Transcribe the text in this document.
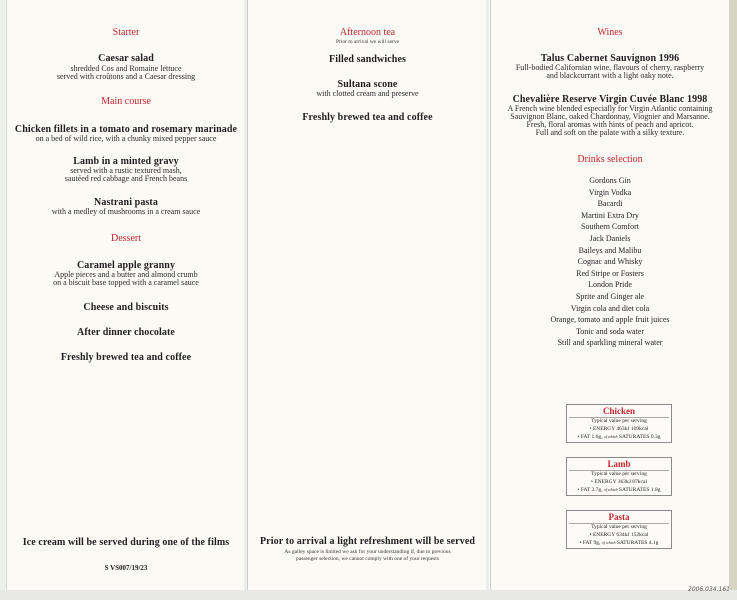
Starter
Caesar salad
shredded Cos and Romaine lettuce
served with croûtons and a Caesar dressing
Main course
Chicken fillets in a tomato and rosemary marinade
on a bed of wild rice, with a chunky mixed pepper sauce
Lamb in a minted gravy
served with a rustic textured mash,
sautéed red cabbage and French beans
Nastrani pasta
with a medley of mushrooms in a cream sauce
Dessert
Caramel apple granny
Apple pieces and a butter and almond crumb
on a biscuit base topped with a caramel sauce
Cheese and biscuits
After dinner chocolate
Freshly brewed tea and coffee
Ice cream will be served during one of the films
S VS007/19/23
Afternoon tea
Prior to arrival we will serve
Filled sandwiches
Sultana scone
with clotted cream and preserve
Freshly brewed tea and coffee
Prior to arrival a light refreshment will be served
As galley space is limited we ask for your understanding if, due to previous
passenger selection, we cannot comply with one of your requests
Wines
Talus Cabernet Sauvignon 1996
Full-bodied Californian wine, flavours of cherry, raspberry
and blackcurrant with a light oaky note.
Chevalière Reserve Virgin Cuvée Blanc 1998
A French wine blended especially for Virgin Atlantic containing
Sauvignon Blanc, oaked Chardonnay, Viognier and Marsanne.
Fresh, floral aromas with hints of peach and apricot.
Full and soft on the palate with a silky texture.
Drinks selection
Gordons Gin
Virgin Vodka
Bacardi
Martini Extra Dry
Southern Comfort
Jack Daniels
Baileys and Malibu
Cognac and Whisky
Red Stripe or Fosters
London Pride
Sprite and Ginger ale
Virgin cola and diet cola
Orange, tomato and apple fruit juices
Tonic and soda water
Still and sparkling mineral water
Chicken
Typical value per serving
• ENERGY 463kJ 109kcal
• FAT 1.6g, of which SATURATES 0.3g
Lamb
Typical value per serving
• ENERGY 363kJ 87kcal
• FAT 3.7g, of which SATURATES 1.8g
Pasta
Typical value per serving
• ENERGY 634kJ 152kcal
• FAT 9g, of which SATURATES 4.1g
2006.034.161
